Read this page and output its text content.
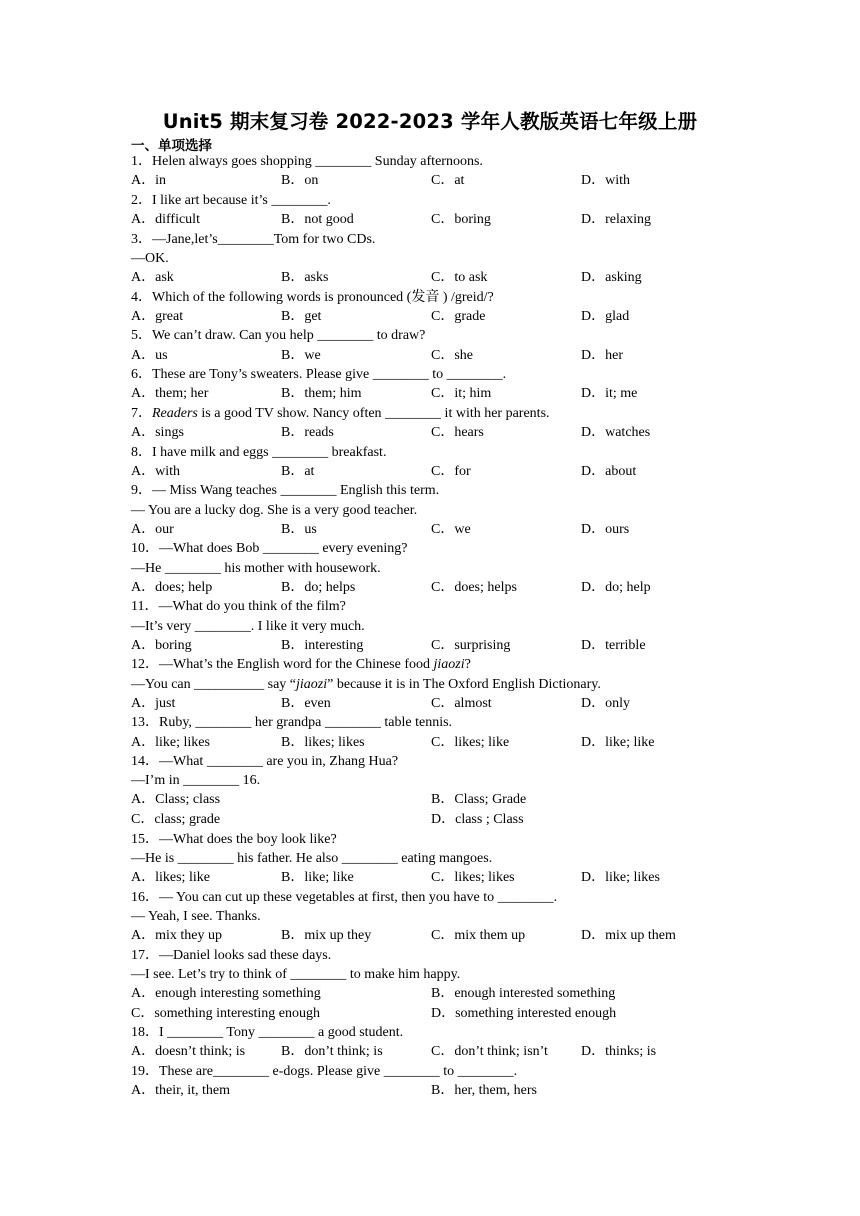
Unit5 期末复习卷 2022-2023 学年人教版英语七年级上册
一、单项选择
1．Helen always goes shopping ________ Sunday afternoons.
A．in	B．on	C．at	D．with
2．I like art because it’s ________.
A．difficult	B．not good	C．boring	D．relaxing
3．—Jane,let’s________Tom for two CDs.
—OK.
A．ask	B．asks	C．to ask	D．asking
4．Which of the following words is pronounced (发音 ) /greid/?
A．great	B．get	C．grade	D．glad
5．We can’t draw. Can you help ________ to draw?
A．us	B．we	C．she	D．her
6．These are Tony’s sweaters. Please give ________ to ________.
A．them; her	B．them; him	C．it; him	D．it; me
7．Readers is a good TV show. Nancy often ________ it with her parents.
A．sings	B．reads	C．hears	D．watches
8．I have milk and eggs ________ breakfast.
A．with	B．at	C．for	D．about
9．— Miss Wang teaches ________ English this term.
— You are a lucky dog. She is a very good teacher.
A．our	B．us	C．we	D．ours
10．—What does Bob ________ every evening?
—He ________ his mother with housework.
A．does; help	B．do; helps	C．does; helps	D．do; help
11．—What do you think of the film?
—It’s very ________. I like it very much.
A．boring	B．interesting	C．surprising	D．terrible
12．—What’s the English word for the Chinese food jiaozi?
—You can __________ say “jiaozi” because it is in The Oxford English Dictionary.
A．just	B．even	C．almost	D．only
13．Ruby, ________ her grandpa ________ table tennis.
A．like; likes	B．likes; likes	C．likes; like	D．like; like
14．—What ________ are you in, Zhang Hua?
—I’m in ________ 16.
A．Class; class	B．Class; Grade
C．class; grade	D．class ; Class
15．—What does the boy look like?
—He is ________ his father. He also ________ eating mangoes.
A．likes; like	B．like; like	C．likes; likes	D．like; likes
16．— You can cut up these vegetables at first, then you have to ________.
— Yeah, I see. Thanks.
A．mix they up	B．mix up they	C．mix them up	D．mix up them
17．—Daniel looks sad these days.
—I see. Let’s try to think of ________ to make him happy.
A．enough interesting something	B．enough interested something
C．something interesting enough	D．something interested enough
18．I ________ Tony ________ a good student.
A．doesn’t think; is	B．don’t think; is	C．don’t think; isn’t D．thinks; is
19．These are________ e-dogs. Please give ________ to ________.
A．their, it, them	B．her, them, hers
